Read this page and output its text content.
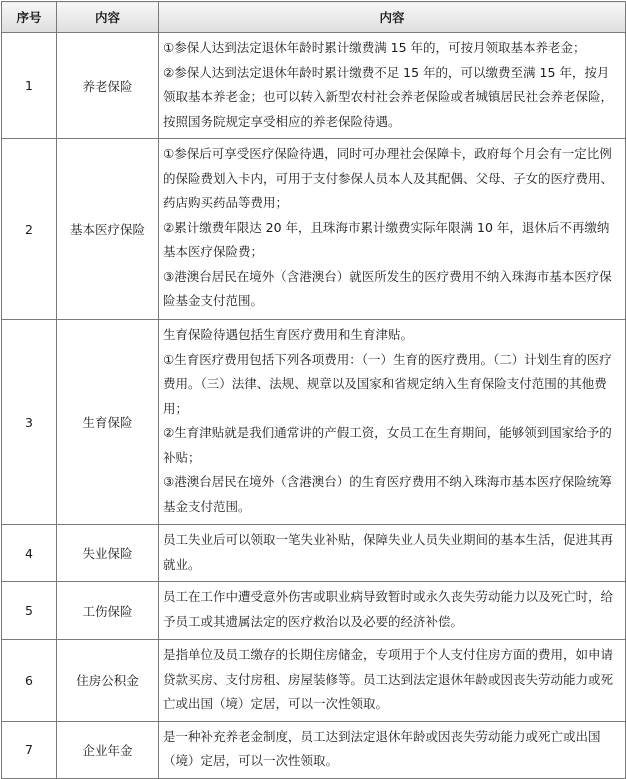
序号	内容	内容
1	养老保险	①参保人达到法定退休年龄时累计缴费满 15 年的，可按月领取基本养老金；

②参保人达到法定退休年龄时累计缴费不足 15 年的，可以缴费至满 15 年，按月领取基本养老金；也可以转入新型农村社会养老保险或者城镇居民社会养老保险，按照国务院规定享受相应的养老保险待遇。

2	基本医疗保险	①参保后可享受医疗保险待遇，同时可办理社会保障卡，政府每个月会有一定比例的保险费划入卡内，可用于支付参保人员本人及其配偶、父母、子女的医疗费用、药店购买药品等费用；

②累计缴费年限达 20 年，且珠海市累计缴费实际年限满 10 年，退休后不再缴纳基本医疗保险费；

③港澳台居民在境外（含港澳台）就医所发生的医疗费用不纳入珠海市基本医疗保险基金支付范围。

3	生育保险	生育保险待遇包括生育医疗费用和生育津贴。

①生育医疗费用包括下列各项费用：（一）生育的医疗费用。（二）计划生育的医疗费用。（三）法律、法规、规章以及国家和省规定纳入生育保险支付范围的其他费用；

②生育津贴就是我们通常讲的产假工资，女员工在生育期间，能够领到国家给予的补贴；

③港澳台居民在境外（含港澳台）的生育医疗费用不纳入珠海市基本医疗保险统筹基金支付范围。

4	失业保险	员工失业后可以领取一笔失业补贴，保障失业人员失业期间的基本生活，促进其再就业。

5	工伤保险	员工在工作中遭受意外伤害或职业病导致暂时或永久丧失劳动能力以及死亡时，给予员工或其遗属法定的医疗救治以及必要的经济补偿。

6	住房公积金	是指单位及员工缴存的长期住房储金，专项用于个人支付住房方面的费用，如申请贷款买房、支付房租、房屋装修等。员工达到法定退休年龄或因丧失劳动能力或死亡或出国（境）定居，可以一次性领取。

7	企业年金	是一种补充养老金制度，员工达到法定退休年龄或因丧失劳动能力或死亡或出国（境）定居，可以一次性领取。
